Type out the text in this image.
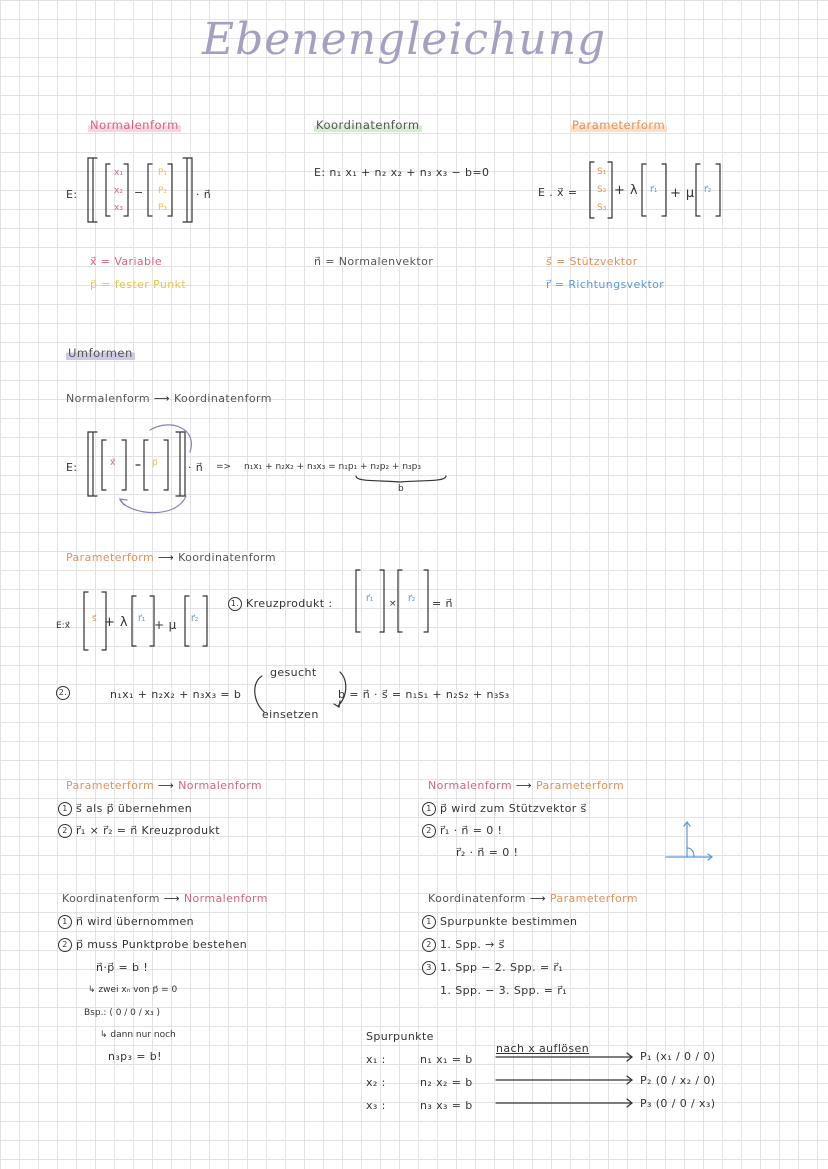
Ebenengleichung
Normalenform
E:
x₁
x₂
x₃
−
P₁
P₂
P₃
· n⃗
x⃗ = Variable
p⃗ = fester Punkt
Koordinatenform
E: n₁ x₁ + n₂ x₂ + n₃ x₃ − b=0
n⃗ = Normalenvektor
Parameterform
E . x⃗ =
S₁
S₂
S₃
+ λ r⃗₁ + μ r⃗₂
s⃗ = Stützvektor
r⃗ = Richtungsvektor
Umformen
Normalenform ⟶ Koordinatenform
E:	x⃗	p⃗	· n⃗ => n₁x₁ + n₂x₂ + n₃x₃ = n₁p₁ + n₂p₂ + n₃p₃
b
Parameterform ⟶ Koordinatenform
E:x⃗
s⃗ + λ r⃗₁ + μ r⃗₂
1. Kreuzprodukt :	r⃗₁ × r⃗₂ = n⃗
2.	n₁x₁ + n₂x₂ + n₃x₃ = b
gesucht
einsetzen
b = n⃗ · s⃗ = n₁s₁ + n₂s₂ + n₃s₃
Parameterform ⟶ Normalenform
1 s⃗ als p⃗ übernehmen
2 r⃗₁ × r⃗₂ = n⃗ Kreuzprodukt
Normalenform ⟶ Parameterform
1 p⃗ wird zum Stützvektor s⃗
2 r⃗₁ · n⃗ = 0 !
r⃗₂ · n⃗ = 0 !
Koordinatenform ⟶ Normalenform
1 n⃗ wird übernommen
2 p⃗ muss Punktprobe bestehen
n⃗·p⃗ = b !
↳ zwei xₙ von p⃗ = 0
Bsp.: ( 0 / 0 / x₃ )
↳ dann nur noch
n₃p₃ = b!
Koordinatenform ⟶ Parameterform
1 Spurpunkte bestimmen
2 1. Spp. → s⃗
3 1. Spp − 2. Spp. = r⃗₁
1. Spp. − 3. Spp. = r⃗₁
Spurpunkte
nach x auflösen
x₁ :	n₁ x₁ = b	P₁ (x₁ / 0 / 0)
x₂ :	n₂ x₂ = b	P₂ (0 / x₂ / 0)
x₃ :	n₃ x₃ = b	P₃ (0 / 0 / x₃)
